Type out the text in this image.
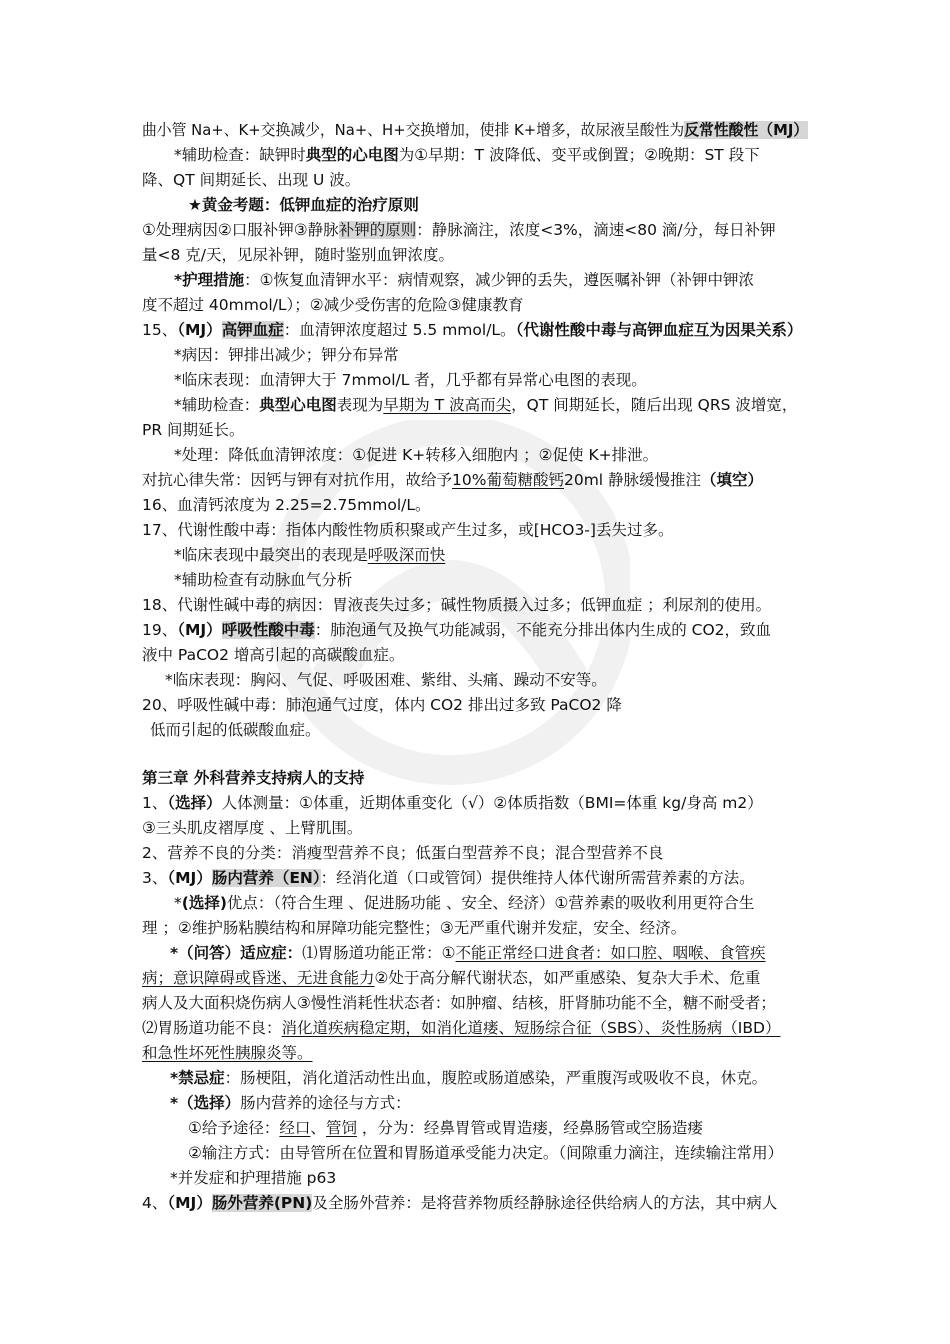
曲小管 Na+、K+交换减少，Na+、H+交换增加，使排 K+增多，故尿液呈酸性为反常性酸性（MJ）
*辅助检查：缺钾时典型的心电图为①早期：T 波降低、变平或倒置；②晚期：ST 段下
降、QT 间期延长、出现 U 波。
★黄金考题：低钾血症的治疗原则
①处理病因②口服补钾③静脉补钾的原则：静脉滴注，浓度<3%，滴速<80 滴/分，每日补钾
量<8 克/天，见尿补钾，随时鉴别血钾浓度。
*护理措施：①恢复血清钾水平：病情观察，减少钾的丢失，遵医嘱补钾（补钾中钾浓
度不超过 40mmol/L）；②减少受伤害的危险③健康教育
15、（MJ）高钾血症：血清钾浓度超过 5.5 mmol/L。（代谢性酸中毒与高钾血症互为因果关系）
*病因：钾排出减少；钾分布异常
*临床表现：血清钾大于 7mmol/L 者，几乎都有异常心电图的表现。
*辅助检查：典型心电图表现为早期为 T 波高而尖，QT 间期延长，随后出现 QRS 波增宽，
PR 间期延长。
*处理：降低血清钾浓度：①促进 K+转移入细胞内 ；②促使 K+排泄。
对抗心律失常：因钙与钾有对抗作用，故给予10%葡萄糖酸钙20ml 静脉缓慢推注（填空）
16、血清钙浓度为 2.25=2.75mmol/L。
17、代谢性酸中毒：指体内酸性物质积聚或产生过多，或[HCO3-]丢失过多。
*临床表现中最突出的表现是呼吸深而快
*辅助检查有动脉血气分析
18、代谢性碱中毒的病因：胃液丧失过多；碱性物质摄入过多；低钾血症 ；利尿剂的使用。
19、（MJ）呼吸性酸中毒：肺泡通气及换气功能减弱，不能充分排出体内生成的 CO2，致血
液中 PaCO2 增高引起的高碳酸血症。
*临床表现：胸闷、气促、呼吸困难、紫绀、头痛、躁动不安等。
20、呼吸性碱中毒：肺泡通气过度，体内 CO2 排出过多致 PaCO2 降
低而引起的低碳酸血症。
第三章 外科营养支持病人的支持
1、（选择）人体测量：①体重，近期体重变化（√）②体质指数（BMI=体重 kg/身高 m2）
③三头肌皮褶厚度 、上臂肌围。
2、营养不良的分类：消瘦型营养不良；低蛋白型营养不良；混合型营养不良
3、（MJ）肠内营养（EN）：经消化道（口或管饲）提供维持人体代谢所需营养素的方法。
*(选择)优点：（符合生理 、促进肠功能 、安全、经济）①营养素的吸收利用更符合生
理 ；②维护肠粘膜结构和屏障功能完整性；③无严重代谢并发症，安全、经济。
*（问答）适应症：⑴胃肠道功能正常：①不能正常经口进食者：如口腔、咽喉、食管疾
病；意识障碍或昏迷、无进食能力②处于高分解代谢状态，如严重感染、复杂大手术、危重
病人及大面积烧伤病人③慢性消耗性状态者：如肿瘤、结核，肝肾肺功能不全，糖不耐受者；
⑵胃肠道功能不良：消化道疾病稳定期，如消化道瘘、短肠综合征（SBS）、炎性肠病（IBD）
和急性坏死性胰腺炎等。
*禁忌症：肠梗阻，消化道活动性出血，腹腔或肠道感染，严重腹泻或吸收不良，休克。
*（选择）肠内营养的途径与方式：
①给予途径：经口、管饲 ，分为：经鼻胃管或胃造瘘，经鼻肠管或空肠造瘘
②输注方式：由导管所在位置和胃肠道承受能力决定。（间隙重力滴注，连续输注常用）
*并发症和护理措施 p63
4、（MJ）肠外营养(PN)及全肠外营养：是将营养物质经静脉途径供给病人的方法，其中病人
